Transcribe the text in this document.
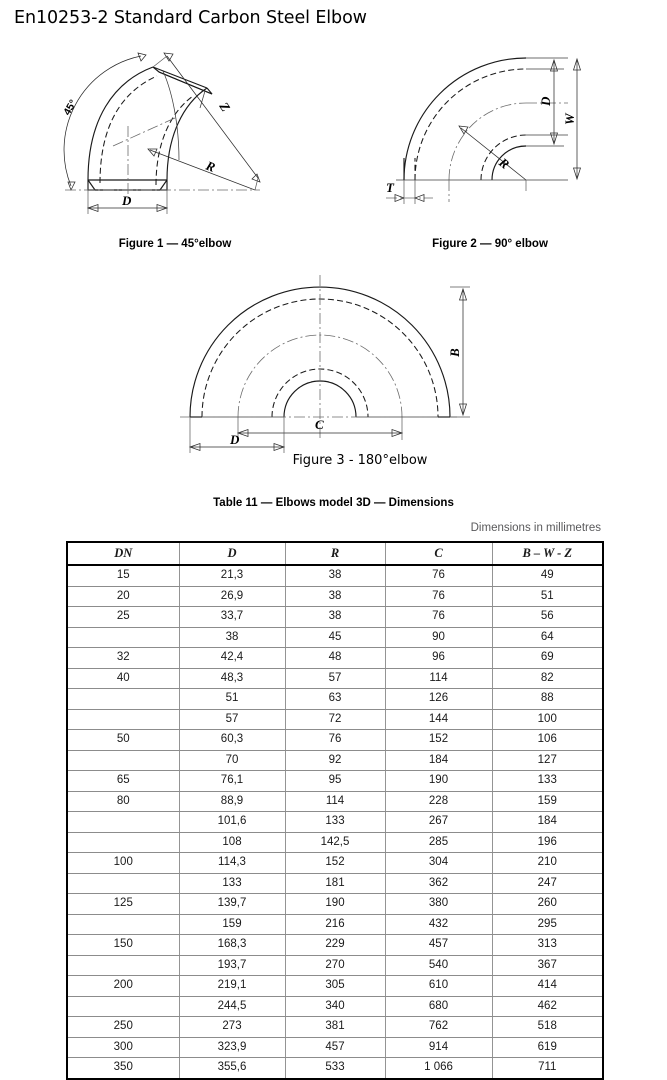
En10253-2 Standard Carbon Steel Elbow
45°
R
Z
D
Figure 1 — 45°elbow
R
D
W
T
Figure 2 — 90° elbow
B
C
D
Figure 3 - 180°elbow
Table 11 — Elbows model 3D — Dimensions
Dimensions in millimetres
DN	D	R	C	B – W - Z
15	21,3	38	76	49
20	26,9	38	76	51
25	33,7	38	76	56
	38	45	90	64
32	42,4	48	96	69
40	48,3	57	114	82
	51	63	126	88
	57	72	144	100
50	60,3	76	152	106
	70	92	184	127
65	76,1	95	190	133
80	88,9	114	228	159
	101,6	133	267	184
	108	142,5	285	196
100	114,3	152	304	210
	133	181	362	247
125	139,7	190	380	260
	159	216	432	295
150	168,3	229	457	313
	193,7	270	540	367
200	219,1	305	610	414
	244,5	340	680	462
250	273	381	762	518
300	323,9	457	914	619
350	355,6	533	1 066	711
